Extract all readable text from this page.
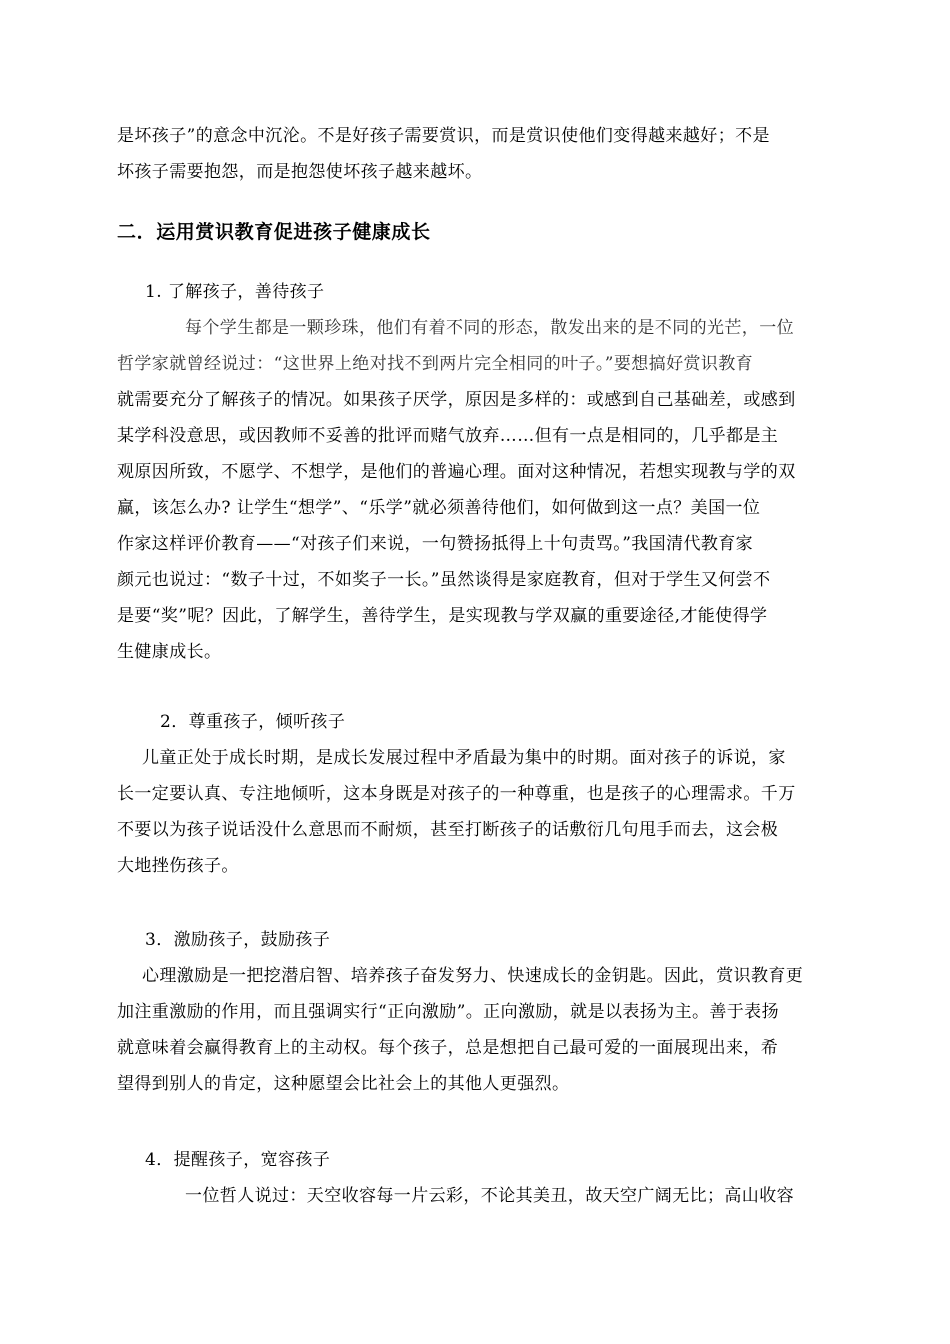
是坏孩子”的意念中沉沦。不是好孩子需要赏识，而是赏识使他们变得越来越好；不是
坏孩子需要抱怨，而是抱怨使坏孩子越来越坏。
二．运用赏识教育促进孩子健康成长
1. 了解孩子，善待孩子
每个学生都是一颗珍珠，他们有着不同的形态，散发出来的是不同的光芒，一位
哲学家就曾经说过：“这世界上绝对找不到两片完全相同的叶子。”要想搞好赏识教育
就需要充分了解孩子的情况。如果孩子厌学，原因是多样的：或感到自己基础差，或感到
某学科没意思，或因教师不妥善的批评而赌气放弃……但有一点是相同的，几乎都是主
观原因所致，不愿学、不想学，是他们的普遍心理。面对这种情况，若想实现教与学的双
赢，该怎么办? 让学生“想学”、“乐学”就必须善待他们，如何做到这一点？美国一位
作家这样评价教育——“对孩子们来说，一句赞扬抵得上十句责骂。”我国清代教育家
颜元也说过：“数子十过，不如奖子一长。”虽然谈得是家庭教育，但对于学生又何尝不
是要“奖”呢？因此，了解学生，善待学生，是实现教与学双赢的重要途径,才能使得学
生健康成长。
2．尊重孩子，倾听孩子
儿童正处于成长时期，是成长发展过程中矛盾最为集中的时期。面对孩子的诉说，家
长一定要认真、专注地倾听，这本身既是对孩子的一种尊重，也是孩子的心理需求。千万
不要以为孩子说话没什么意思而不耐烦，甚至打断孩子的话敷衍几句甩手而去，这会极
大地挫伤孩子。
3．激励孩子，鼓励孩子
心理激励是一把挖潜启智、培养孩子奋发努力、快速成长的金钥匙。因此，赏识教育更
加注重激励的作用，而且强调实行“正向激励”。正向激励，就是以表扬为主。善于表扬
就意味着会赢得教育上的主动权。每个孩子，总是想把自己最可爱的一面展现出来，希
望得到别人的肯定，这种愿望会比社会上的其他人更强烈。
4．提醒孩子，宽容孩子
一位哲人说过：天空收容每一片云彩，不论其美丑，故天空广阔无比；高山收容
